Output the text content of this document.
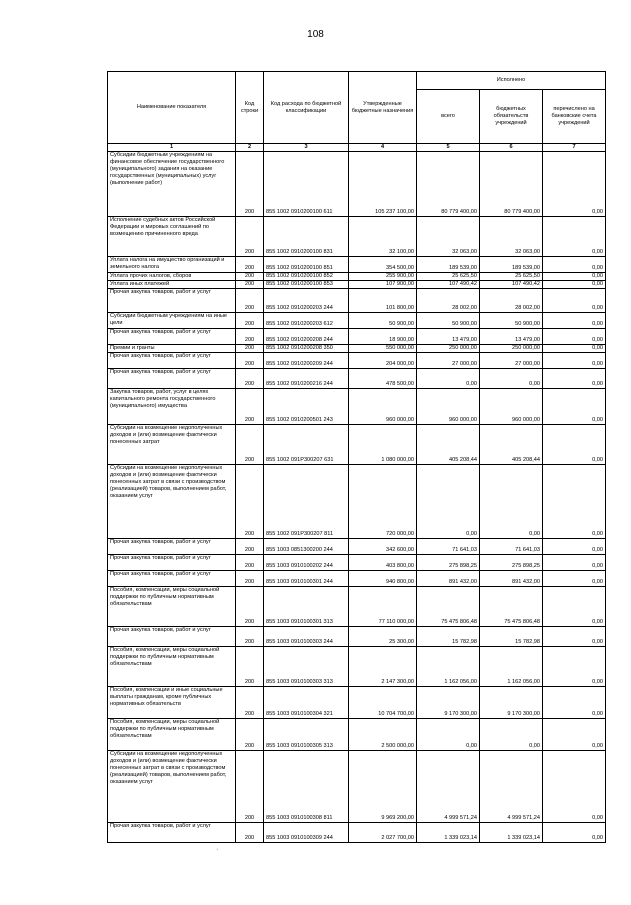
108
Наименование показателя	Код строки	Код расхода по бюджетной классификации	Утвержденные бюджетные назначения	Исполнено		
				всего	бюджетных обязательств учреждений	перечислено на банковские счета учреждений
1	2	3	4	5	6	7
Субсидии бюджетным учреждениям на финансовое обеспечение государственного (муниципального) задания на оказание государственных (муниципальных) услуг (выполнение работ)	200	855 1002 0910200100 611	105 237 100,00	80 779 400,00	80 779 400,00	0,00
Исполнение судебных актов Российской Федерации и мировых соглашений по возмещению причиненного вреда	200	855 1002 0910200100 831	32 100,00	32 063,00	32 063,00	0,00
Уплата налога на имущество организаций и земельного налога	200	855 1002 0910200100 851	354 500,00	189 539,00	189 539,00	0,00
Уплата прочих налогов, сборов	200	855 1002 0910200100 852	255 900,00	25 625,50	25 625,50	0,00
Уплата иных платежей	200	855 1002 0910200100 853	107 900,00	107 490,42	107 490,42	0,00
Прочая закупка товаров, работ и услуг	200	855 1002 0910200203 244	101 800,00	28 002,00	28 002,00	0,00
Субсидии бюджетным учреждениям на иные цели	200	855 1002 0910200203 612	50 900,00	50 900,00	50 900,00	0,00
Прочая закупка товаров, работ и услуг	200	855 1002 0910200208 244	18 900,00	13 479,00	13 479,00	0,00
Премии и гранты	200	855 1002 0910200208 350	550 000,00	250 000,00	250 000,00	0,00
Прочая закупка товаров, работ и услуг	200	855 1002 0910200209 244	204 000,00	27 000,00	27 000,00	0,00
Прочая закупка товаров, работ и услуг	200	855 1002 0910200216 244	478 500,00	0,00	0,00	0,00
Закупка товаров, работ, услуг в целях капитального ремонта государственного (муниципального) имущества	200	855 1002 0910200501 243	960 000,00	960 000,00	960 000,00	0,00
Субсидии на возмещение недополученных доходов и (или) возмещение фактически понесенных затрат	200	855 1002 091P300207 631	1 080 000,00	405 208,44	405 208,44	0,00
Субсидии на возмещение недополученных доходов и (или) возмещение фактически понесенных затрат в связи с производством (реализацией) товаров, выполнением работ, оказанием услуг	200	855 1002 091P300207 811	720 000,00	0,00	0,00	0,00
Прочая закупка товаров, работ и услуг	200	855 1003 0851300200 244	342 600,00	71 641,03	71 641,03	0,00
Прочая закупка товаров, работ и услуг	200	855 1003 0910100202 244	403 800,00	275 898,25	275 898,25	0,00
Прочая закупка товаров, работ и услуг	200	855 1003 0910100301 244	940 800,00	891 432,00	891 432,00	0,00
Пособия, компенсации, меры социальной поддержки по публичным нормативным обязательствам	200	855 1003 0910100301 313	77 110 000,00	75 475 806,48	75 475 806,48	0,00
Прочая закупка товаров, работ и услуг	200	855 1003 0910100303 244	25 300,00	15 782,98	15 782,98	0,00
Пособия, компенсации, меры социальной поддержки по публичным нормативным обязательствам	200	855 1003 0910100303 313	2 147 300,00	1 162 056,00	1 162 056,00	0,00
Пособия, компенсации и иные социальные выплаты гражданам, кроме публичных нормативных обязательств	200	855 1003 0910100304 321	10 704 700,00	9 170 300,00	9 170 300,00	0,00
Пособия, компенсации, меры социальной поддержки по публичным нормативным обязательствам	200	855 1003 0910100305 313	2 500 000,00	0,00	0,00	0,00
Субсидии на возмещение недополученных доходов и (или) возмещение фактически понесенных затрат в связи с производством (реализацией) товаров, выполнением работ, оказанием услуг	200	855 1003 0910100308 811	9 969 200,00	4 999 571,24	4 999 571,24	0,00
Прочая закупка товаров, работ и услуг	200	855 1003 0910100309 244	2 027 700,00	1 339 023,14	1 339 023,14	0,00
·
